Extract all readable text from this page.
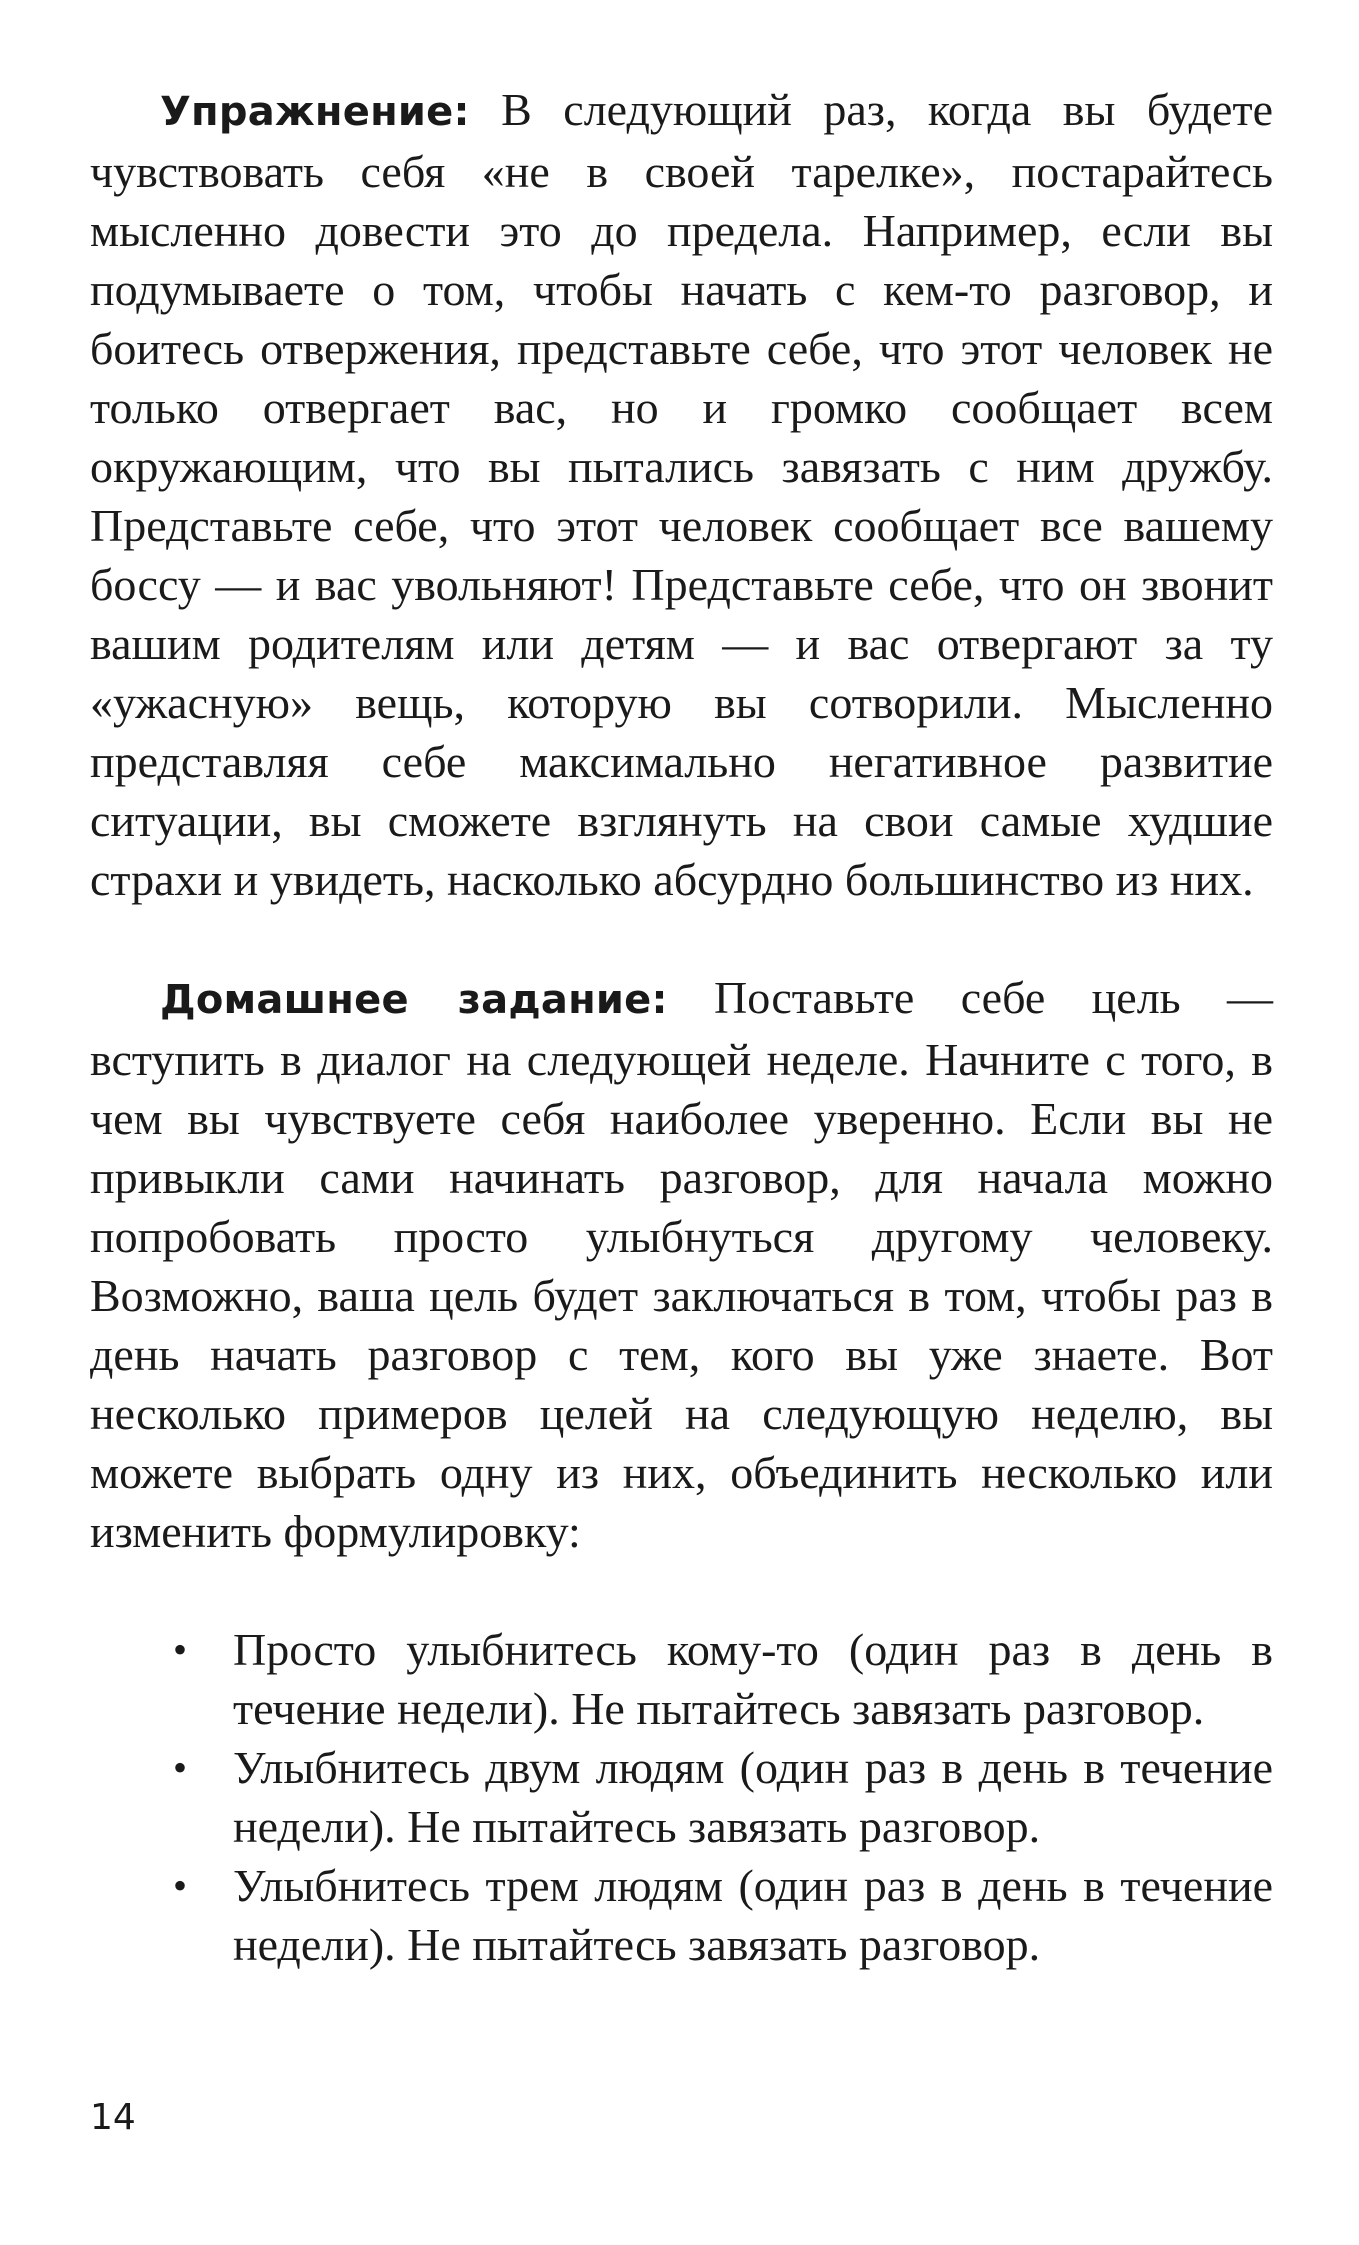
Упражнение: В следующий раз, когда вы будете чувствовать себя «не в своей тарелке», постарайтесь мысленно довести это до предела. Например, если вы подумываете о том, чтобы начать с кем-то разговор, и боитесь отвержения, представьте себе, что этот человек не только отвергает вас, но и громко сообщает всем окружающим, что вы пытались завязать с ним дружбу. Представьте себе, что этот человек сообщает все вашему боссу — и вас увольняют! Представьте себе, что он звонит вашим родителям или детям — и вас отвергают за ту «ужасную» вещь, которую вы сотворили. Мысленно представляя себе максимально негативное развитие ситуации, вы сможете взглянуть на свои самые худшие страхи и увидеть, насколько абсурдно большинство из них.

Домашнее задание: Поставьте себе цель — вступить в диалог на следующей неделе. Начните с того, в чем вы чувствуете себя наиболее уверенно. Если вы не привыкли сами начинать разговор, для начала можно попробовать просто улыбнуться другому человеку. Возможно, ваша цель будет заключаться в том, чтобы раз в день начать разговор с тем, кого вы уже знаете. Вот несколько примеров целей на следующую неделю, вы можете выбрать одну из них, объединить несколько или изменить формулировку:

• Просто улыбнитесь кому-то (один раз в день в течение недели). Не пытайтесь завязать разговор.
• Улыбнитесь двум людям (один раз в день в течение недели). Не пытайтесь завязать разговор.
• Улыбнитесь трем людям (один раз в день в течение недели). Не пытайтесь завязать разговор.
14
